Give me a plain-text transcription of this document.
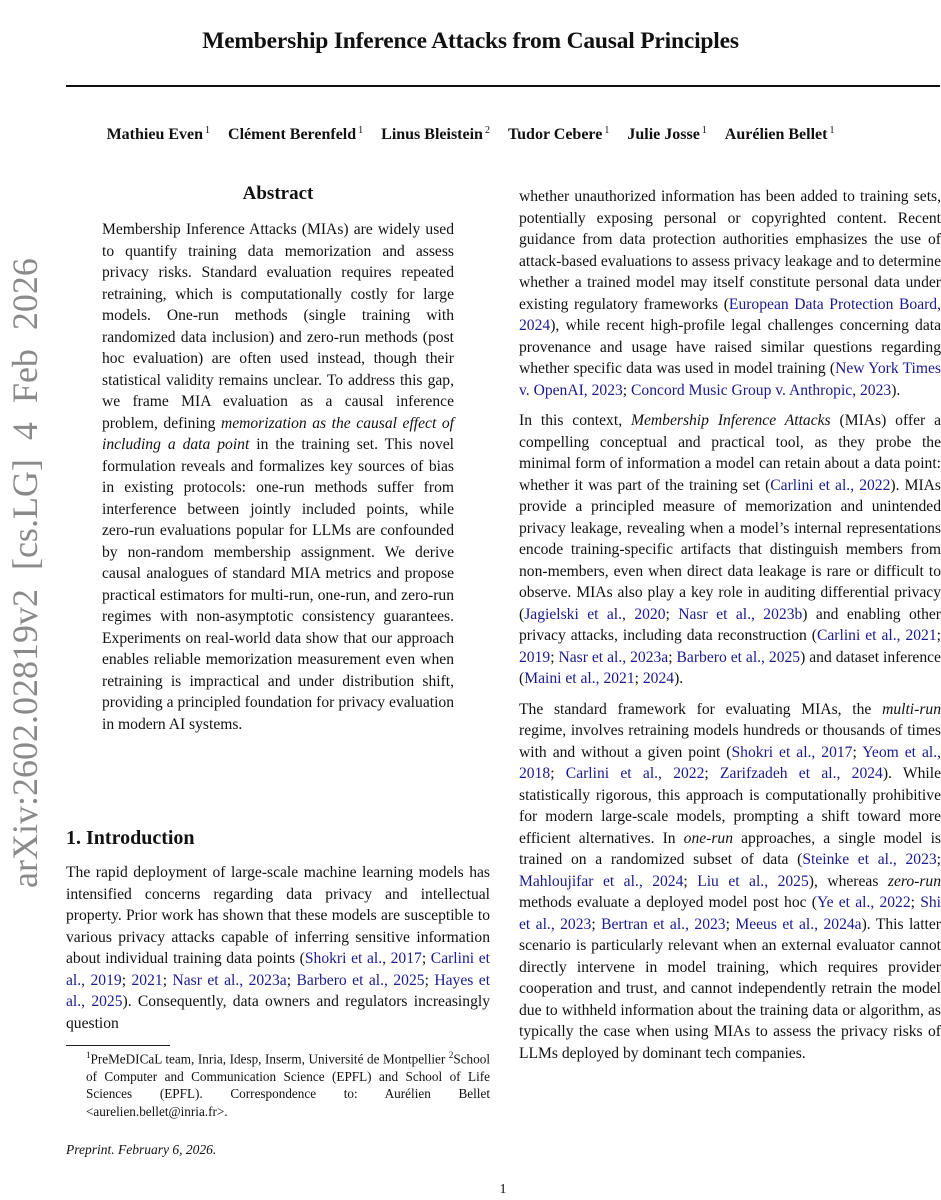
Membership Inference Attacks from Causal Principles
Mathieu Even $^1$ Clément Berenfeld $^1$ Linus Bleistein $^2$ Tudor Cebere $^1$ Julie Josse $^1$ Aurélien Bellet $^1$
arXiv:2602.02819v2 [cs.LG] 4 Feb 2026
Abstract
Membership Inference Attacks (MIAs) are widely used to quantify training data memorization and assess privacy risks. Standard evaluation requires repeated retraining, which is computationally costly for large models. One-run methods (single training with randomized data inclusion) and zero-run methods (post hoc evaluation) are often used instead, though their statistical validity remains unclear. To address this gap, we frame MIA evaluation as a causal inference problem, defining memorization as the causal effect of including a data point in the training set. This novel formulation reveals and formalizes key sources of bias in existing protocols: one-run methods suffer from interference between jointly included points, while zero-run evaluations popular for LLMs are confounded by non-random membership assignment. We derive causal analogues of standard MIA metrics and propose practical estimators for multi-run, one-run, and zero-run regimes with non-asymptotic consistency guarantees. Experiments on real-world data show that our approach enables reliable memorization measurement even when retraining is impractical and under distribution shift, providing a principled foundation for privacy evaluation in modern AI systems.
1. Introduction
The rapid deployment of large-scale machine learning models has intensified concerns regarding data privacy and intellectual property. Prior work has shown that these models are susceptible to various privacy attacks capable of inferring sensitive information about individual training data points (Shokri et al., 2017; Carlini et al., 2019; 2021; Nasr et al., 2023a; Barbero et al., 2025; Hayes et al., 2025). Consequently, data owners and regulators increasingly question
$^1$PreMeDICaL team, Inria, Idesp, Inserm, Université de Montpellier $^2$School of Computer and Communication Science (EPFL) and School of Life Sciences (EPFL). Correspondence to: Aurélien Bellet <aurelien.bellet@inria.fr>.
Preprint. February 6, 2026.

whether unauthorized information has been added to training sets, potentially exposing personal or copyrighted content. Recent guidance from data protection authorities emphasizes the use of attack-based evaluations to assess privacy leakage and to determine whether a trained model may itself constitute personal data under existing regulatory frameworks (European Data Protection Board, 2024), while recent high-profile legal challenges concerning data provenance and usage have raised similar questions regarding whether specific data was used in model training (New York Times v. OpenAI, 2023; Concord Music Group v. Anthropic, 2023).

In this context, Membership Inference Attacks (MIAs) offer a compelling conceptual and practical tool, as they probe the minimal form of information a model can retain about a data point: whether it was part of the training set (Carlini et al., 2022). MIAs provide a principled measure of memorization and unintended privacy leakage, revealing when a model’s internal representations encode training-specific artifacts that distinguish members from non-members, even when direct data leakage is rare or difficult to observe. MIAs also play a key role in auditing differential privacy (Jagielski et al., 2020; Nasr et al., 2023b) and enabling other privacy attacks, including data reconstruction (Carlini et al., 2021; 2019; Nasr et al., 2023a; Barbero et al., 2025) and dataset inference (Maini et al., 2021; 2024).

The standard framework for evaluating MIAs, the multi-run regime, involves retraining models hundreds or thousands of times with and without a given point (Shokri et al., 2017; Yeom et al., 2018; Carlini et al., 2022; Zarifzadeh et al., 2024). While statistically rigorous, this approach is computationally prohibitive for modern large-scale models, prompting a shift toward more efficient alternatives. In one-run approaches, a single model is trained on a randomized subset of data (Steinke et al., 2023; Mahloujifar et al., 2024; Liu et al., 2025), whereas zero-run methods evaluate a deployed model post hoc (Ye et al., 2022; Shi et al., 2023; Bertran et al., 2023; Meeus et al., 2024a). This latter scenario is particularly relevant when an external evaluator cannot directly intervene in model training, which requires provider cooperation and trust, and cannot independently retrain the model due to withheld information about the training data or algorithm, as typically the case when using MIAs to assess the privacy risks of LLMs deployed by dominant tech companies.

1
